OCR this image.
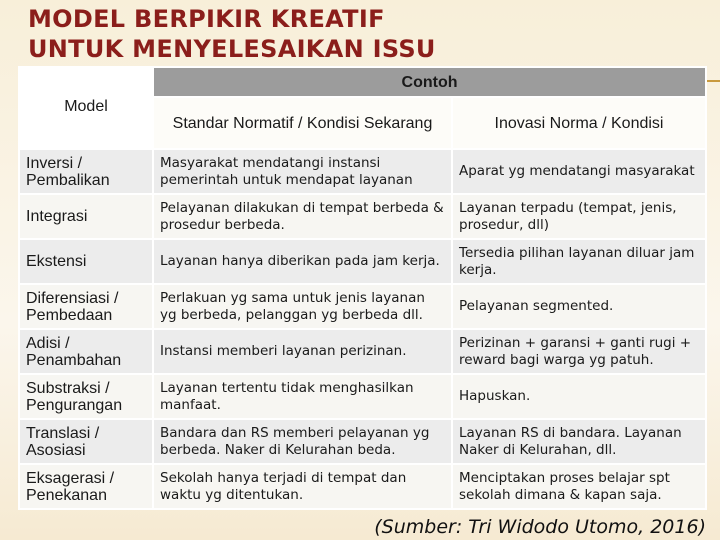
MODEL BERPIKIR KREATIF
UNTUK MENYELESAIKAN ISSU
Model	Contoh	
	Standar Normatif / Kondisi Sekarang	Inovasi Norma / Kondisi
Inversi / Pembalikan	Masyarakat mendatangi instansi pemerintah untuk mendapat layanan	Aparat yg mendatangi masyarakat
Integrasi	Pelayanan dilakukan di tempat berbeda & prosedur berbeda.	Layanan terpadu (tempat, jenis, prosedur, dll)
Ekstensi	Layanan hanya diberikan pada jam kerja.	Tersedia pilihan layanan diluar jam kerja.
Diferensiasi / Pembedaan	Perlakuan yg sama untuk jenis layanan yg berbeda, pelanggan yg berbeda dll.	Pelayanan segmented.
Adisi / Penambahan	Instansi memberi layanan perizinan.	Perizinan + garansi + ganti rugi + reward bagi warga yg patuh.
Substraksi / Pengurangan	Layanan tertentu tidak menghasilkan manfaat.	Hapuskan.
Translasi / Asosiasi	Bandara dan RS memberi pelayanan yg berbeda. Naker di Kelurahan beda.	Layanan RS di bandara. Layanan Naker di Kelurahan, dll.
Eksagerasi / Penekanan	Sekolah hanya terjadi di tempat dan waktu yg ditentukan.	Menciptakan proses belajar spt sekolah dimana & kapan saja.
(Sumber: Tri Widodo Utomo, 2016)
